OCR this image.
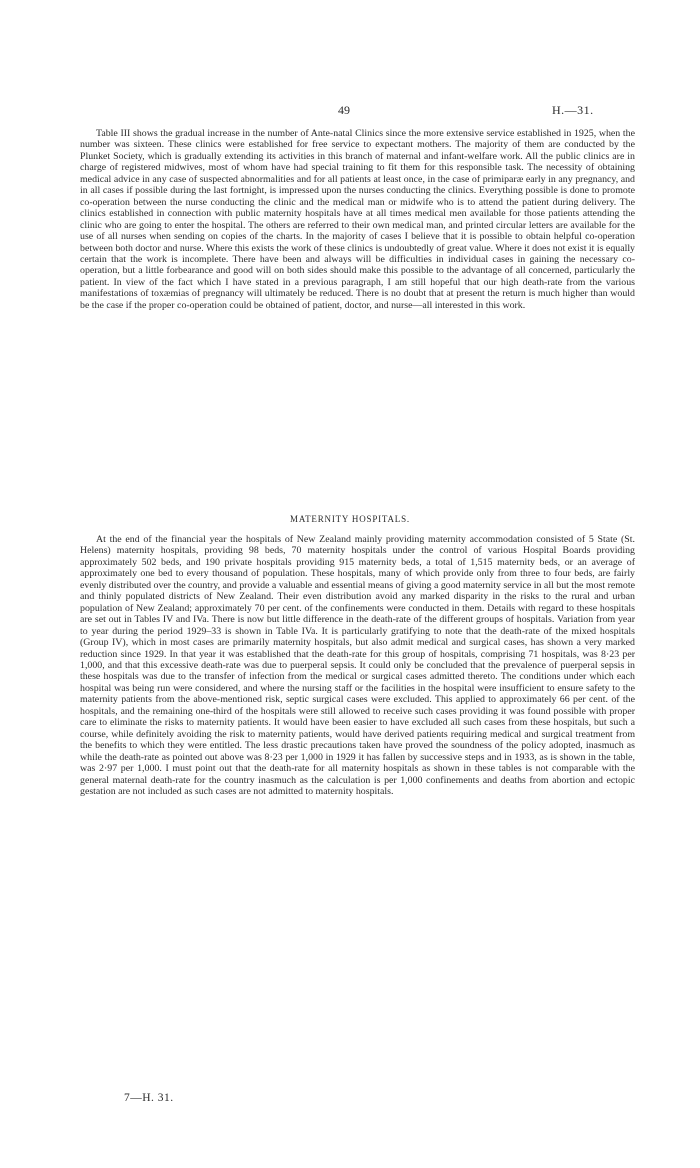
49	H.—31.

Table III shows the gradual increase in the number of Ante-natal Clinics since the more extensive service established in 1925, when the number was sixteen. These clinics were established for free service to expectant mothers. The majority of them are conducted by the Plunket Society, which is gradually extending its activities in this branch of maternal and infant-welfare work. All the public clinics are in charge of registered midwives, most of whom have had special training to fit them for this responsible task. The necessity of obtaining medical advice in any case of suspected abnormalities and for all patients at least once, in the case of primiparæ early in any pregnancy, and in all cases if possible during the last fortnight, is impressed upon the nurses conducting the clinics. Everything possible is done to promote co-operation between the nurse conducting the clinic and the medical man or midwife who is to attend the patient during delivery. The clinics established in connection with public maternity hospitals have at all times medical men available for those patients attending the clinic who are going to enter the hospital. The others are referred to their own medical man, and printed circular letters are available for the use of all nurses when sending on copies of the charts. In the majority of cases I believe that it is possible to obtain helpful co-operation between both doctor and nurse. Where this exists the work of these clinics is undoubtedly of great value. Where it does not exist it is equally certain that the work is incomplete. There have been and always will be difficulties in individual cases in gaining the necessary co-operation, but a little forbearance and good will on both sides should make this possible to the advantage of all concerned, particularly the patient. In view of the fact which I have stated in a previous paragraph, I am still hopeful that our high death-rate from the various manifestations of toxæmias of pregnancy will ultimately be reduced. There is no doubt that at present the return is much higher than would be the case if the proper co-operation could be obtained of patient, doctor, and nurse—all interested in this work.

MATERNITY HOSPITALS.

At the end of the financial year the hospitals of New Zealand mainly providing maternity accommodation consisted of 5 State (St. Helens) maternity hospitals, providing 98 beds, 70 maternity hospitals under the control of various Hospital Boards providing approximately 502 beds, and 190 private hospitals providing 915 maternity beds, a total of 1,515 maternity beds, or an average of approximately one bed to every thousand of population. These hospitals, many of which provide only from three to four beds, are fairly evenly distributed over the country, and provide a valuable and essential means of giving a good maternity service in all but the most remote and thinly populated districts of New Zealand. Their even distribution avoid any marked disparity in the risks to the rural and urban population of New Zealand; approximately 70 per cent. of the confinements were conducted in them. Details with regard to these hospitals are set out in Tables IV and IVa. There is now but little difference in the death-rate of the different groups of hospitals. Variation from year to year during the period 1929–33 is shown in Table IVa. It is particularly gratifying to note that the death-rate of the mixed hospitals (Group IV), which in most cases are primarily maternity hospitals, but also admit medical and surgical cases, has shown a very marked reduction since 1929. In that year it was established that the death-rate for this group of hospitals, comprising 71 hospitals, was 8·23 per 1,000, and that this excessive death-rate was due to puerperal sepsis. It could only be concluded that the prevalence of puerperal sepsis in these hospitals was due to the transfer of infection from the medical or surgical cases admitted thereto. The conditions under which each hospital was being run were considered, and where the nursing staff or the facilities in the hospital were insufficient to ensure safety to the maternity patients from the above-mentioned risk, septic surgical cases were excluded. This applied to approximately 66 per cent. of the hospitals, and the remaining one-third of the hospitals were still allowed to receive such cases providing it was found possible with proper care to eliminate the risks to maternity patients. It would have been easier to have excluded all such cases from these hospitals, but such a course, while definitely avoiding the risk to maternity patients, would have derived patients requiring medical and surgical treatment from the benefits to which they were entitled. The less drastic precautions taken have proved the soundness of the policy adopted, inasmuch as while the death-rate as pointed out above was 8·23 per 1,000 in 1929 it has fallen by successive steps and in 1933, as is shown in the table, was 2·97 per 1,000. I must point out that the death-rate for all maternity hospitals as shown in these tables is not comparable with the general maternal death-rate for the country inasmuch as the calculation is per 1,000 confinements and deaths from abortion and ectopic gestation are not included as such cases are not admitted to maternity hospitals.

7—H. 31.
